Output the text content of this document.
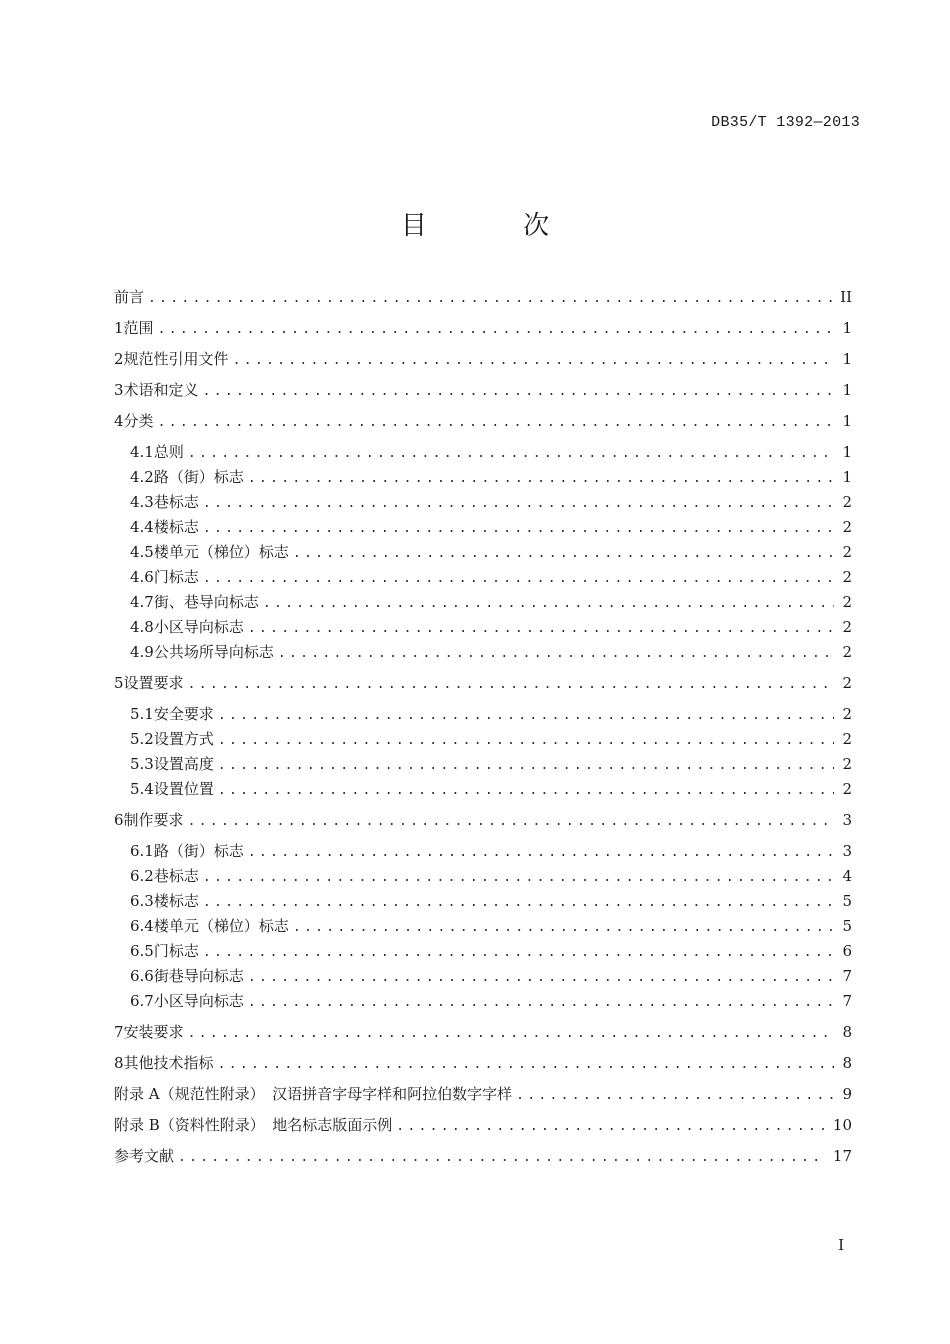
DB35/T 1392—2013
目 次
前言 .....	II
1 范围 .....	1
2 规范性引用文件 .....	1
3 术语和定义 .....	1
4 分类 .....	1
4.1 总则 .....	1
4.2 路（街）标志 .....	1
4.3 巷标志 .....	2
4.4 楼标志 .....	2
4.5 楼单元（梯位）标志 .....	2
4.6 门标志 .....	2
4.7 街、巷导向标志 .....	2
4.8 小区导向标志 .....	2
4.9 公共场所导向标志 .....	2
5 设置要求 .....	2
5.1 安全要求 .....	2
5.2 设置方式 .....	2
5.3 设置高度 .....	2
5.4 设置位置 .....	2
6 制作要求 .....	3
6.1 路（街）标志 .....	3
6.2 巷标志 .....	4
6.3 楼标志 .....	5
6.4 楼单元（梯位）标志 .....	5
6.5 门标志 .....	6
6.6 街巷导向标志 .....	7
6.7 小区导向标志 .....	7
7 安装要求 .....	8
8 其他技术指标 .....	8
附录 A（规范性附录）　汉语拼音字母字样和阿拉伯数字字样 .....	9
附录 B（资料性附录）　地名标志版面示例 .....	10
参考文献 .....	17
I
